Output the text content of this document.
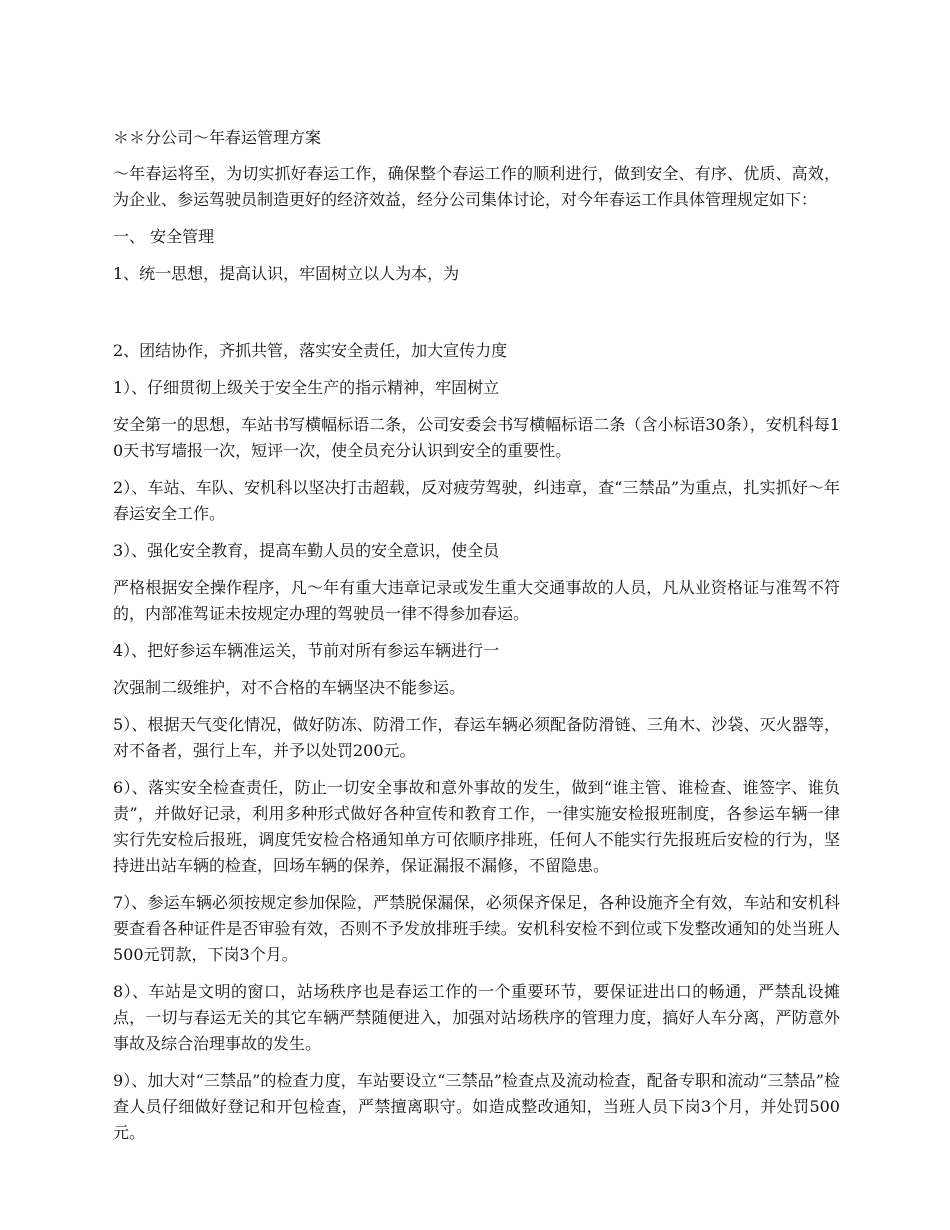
＊＊分公司～年春运管理方案

～年春运将至，为切实抓好春运工作，确保整个春运工作的顺利进行，做到安全、有序、优质、高效，为企业、参运驾驶员制造更好的经济效益，经分公司集体讨论，对今年春运工作具体管理规定如下：

一、 安全管理

1、统一思想，提高认识，牢固树立以人为本，为

2、团结协作，齐抓共管，落实安全责任，加大宣传力度

1）、仔细贯彻上级关于安全生产的指示精神，牢固树立

安全第一的思想，车站书写横幅标语二条，公司安委会书写横幅标语二条（含小标语30条），安机科每10天书写墙报一次，短评一次，使全员充分认识到安全的重要性。

2）、车站、车队、安机科以坚决打击超载，反对疲劳驾驶，纠违章，查“三禁品”为重点，扎实抓好～年春运安全工作。

3）、强化安全教育，提高车勤人员的安全意识，使全员

严格根据安全操作程序，凡～年有重大违章记录或发生重大交通事故的人员，凡从业资格证与准驾不符的，内部准驾证未按规定办理的驾驶员一律不得参加春运。

4）、把好参运车辆准运关，节前对所有参运车辆进行一

次强制二级维护，对不合格的车辆坚决不能参运。

5）、根据天气变化情况，做好防冻、防滑工作，春运车辆必须配备防滑链、三角木、沙袋、灭火器等，对不备者，强行上车，并予以处罚200元。

6）、落实安全检查责任，防止一切安全事故和意外事故的发生，做到“谁主管、谁检查、谁签字、谁负责”，并做好记录，利用多种形式做好各种宣传和教育工作，一律实施安检报班制度，各参运车辆一律实行先安检后报班，调度凭安检合格通知单方可依顺序排班，任何人不能实行先报班后安检的行为，坚持进出站车辆的检查，回场车辆的保养，保证漏报不漏修，不留隐患。

7）、参运车辆必须按规定参加保险，严禁脱保漏保，必须保齐保足，各种设施齐全有效，车站和安机科要查看各种证件是否审验有效，否则不予发放排班手续。安机科安检不到位或下发整改通知的处当班人500元罚款，下岗3个月。

8）、车站是文明的窗口，站场秩序也是春运工作的一个重要环节，要保证进出口的畅通，严禁乱设摊点，一切与春运无关的其它车辆严禁随便进入，加强对站场秩序的管理力度，搞好人车分离，严防意外事故及综合治理事故的发生。

9）、加大对“三禁品”的检查力度，车站要设立“三禁品”检查点及流动检查，配备专职和流动“三禁品”检查人员仔细做好登记和开包检查，严禁擅离职守。如造成整改通知，当班人员下岗3个月，并处罚500元。
